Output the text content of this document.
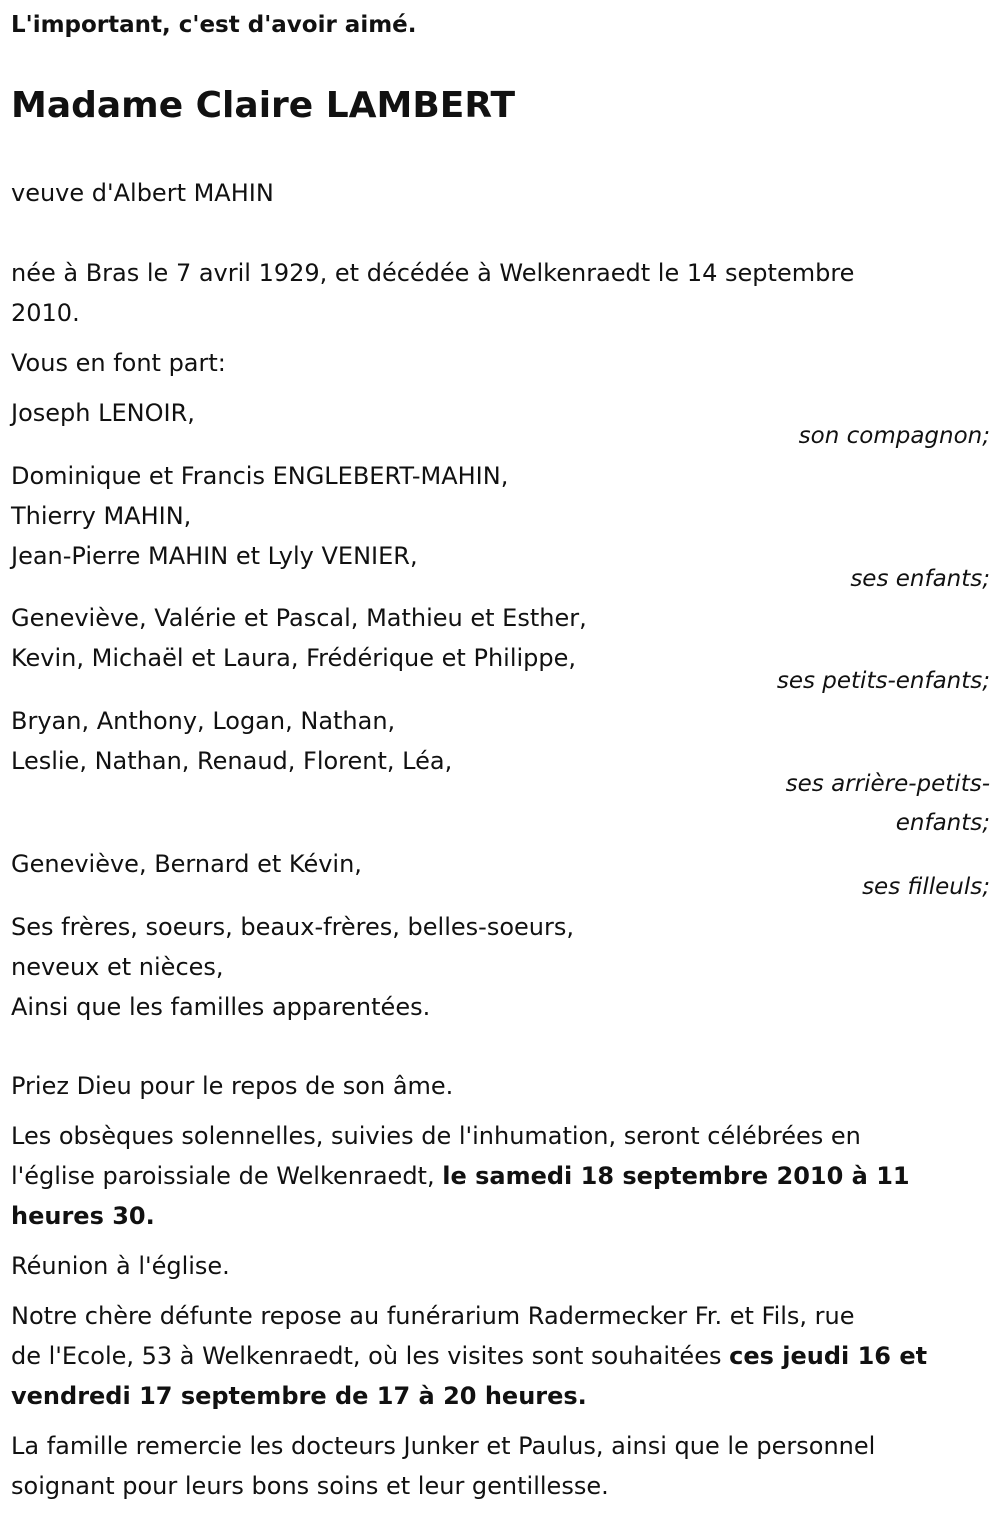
L'important, c'est d'avoir aimé.
Madame Claire LAMBERT
veuve d'Albert MAHIN
née à Bras le 7 avril 1929, et décédée à Welkenraedt le 14 septembre
2010.
Vous en font part:
Joseph LENOIR,
son compagnon;
Dominique et Francis ENGLEBERT-MAHIN,
Thierry MAHIN,
Jean-Pierre MAHIN et Lyly VENIER,
ses enfants;
Geneviève, Valérie et Pascal, Mathieu et Esther,
Kevin, Michaël et Laura, Frédérique et Philippe,
ses petits-enfants;
Bryan, Anthony, Logan, Nathan,
Leslie, Nathan, Renaud, Florent, Léa,
ses arrière-petits-
enfants;
Geneviève, Bernard et Kévin,
ses filleuls;
Ses frères, soeurs, beaux-frères, belles-soeurs,
neveux et nièces,
Ainsi que les familles apparentées.
Priez Dieu pour le repos de son âme.
Les obsèques solennelles, suivies de l'inhumation, seront célébrées en
l'église paroissiale de Welkenraedt, le samedi 18 septembre 2010 à 11
heures 30.
Réunion à l'église.
Notre chère défunte repose au funérarium Radermecker Fr. et Fils, rue
de l'Ecole, 53 à Welkenraedt, où les visites sont souhaitées ces jeudi 16 et
vendredi 17 septembre de 17 à 20 heures.
La famille remercie les docteurs Junker et Paulus, ainsi que le personnel
soignant pour leurs bons soins et leur gentillesse.
